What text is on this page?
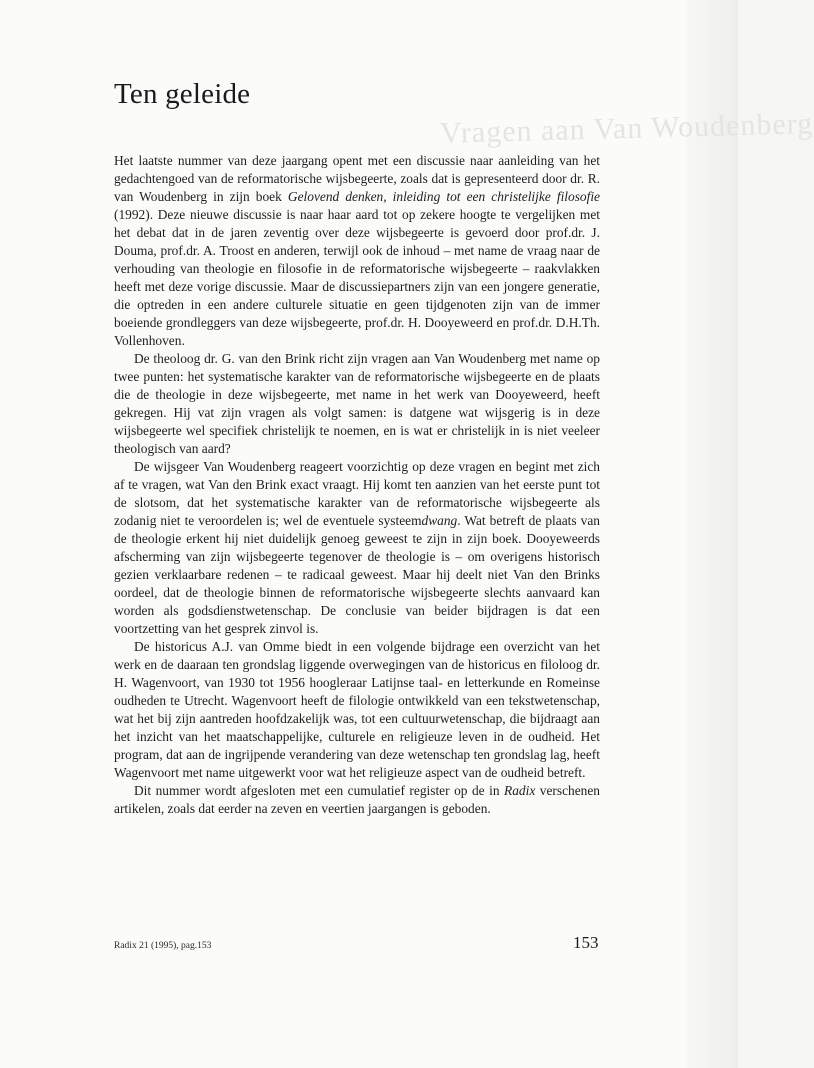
Vragen aan Van Woudenberg
Ten geleide

Het laatste nummer van deze jaargang opent met een discussie naar aanleiding van het gedachtengoed van de reformatorische wijsbegeerte, zoals dat is gepresenteerd door dr. R. van Woudenberg in zijn boek Gelovend denken, inleiding tot een christelijke filosofie (1992). Deze nieuwe discussie is naar haar aard tot op zekere hoogte te vergelijken met het debat dat in de jaren zeventig over deze wijsbegeerte is gevoerd door prof.dr. J. Douma, prof.dr. A. Troost en anderen, terwijl ook de inhoud – met name de vraag naar de verhouding van theologie en filosofie in de reformatorische wijsbegeerte – raakvlakken heeft met deze vorige discussie. Maar de discussiepartners zijn van een jongere generatie, die optreden in een andere culturele situatie en geen tijdgenoten zijn van de immer boeiende grondleggers van deze wijsbegeerte, prof.dr. H. Dooyeweerd en prof.dr. D.H.Th. Vollenhoven.

De theoloog dr. G. van den Brink richt zijn vragen aan Van Woudenberg met name op twee punten: het systematische karakter van de reformatorische wijsbegeerte en de plaats die de theologie in deze wijsbegeerte, met name in het werk van Dooyeweerd, heeft gekregen. Hij vat zijn vragen als volgt samen: is datgene wat wijsgerig is in deze wijsbegeerte wel specifiek christelijk te noemen, en is wat er christelijk in is niet veeleer theologisch van aard?

De wijsgeer Van Woudenberg reageert voorzichtig op deze vragen en begint met zich af te vragen, wat Van den Brink exact vraagt. Hij komt ten aanzien van het eerste punt tot de slotsom, dat het systematische karakter van de reformatorische wijsbegeerte als zodanig niet te veroordelen is; wel de eventuele systeemdwang. Wat betreft de plaats van de theologie erkent hij niet duidelijk genoeg geweest te zijn in zijn boek. Dooyeweerds afscherming van zijn wijsbegeerte tegenover de theologie is – om overigens historisch gezien verklaarbare redenen – te radicaal geweest. Maar hij deelt niet Van den Brinks oordeel, dat de theologie binnen de reformatorische wijsbegeerte slechts aanvaard kan worden als godsdienstwetenschap. De conclusie van beider bijdragen is dat een voortzetting van het gesprek zinvol is.

De historicus A.J. van Omme biedt in een volgende bijdrage een overzicht van het werk en de daaraan ten grondslag liggende overwegingen van de historicus en filoloog dr. H. Wagenvoort, van 1930 tot 1956 hoogleraar Latijnse taal- en letterkunde en Romeinse oudheden te Utrecht. Wagenvoort heeft de filologie ontwikkeld van een tekstwetenschap, wat het bij zijn aantreden hoofdzakelijk was, tot een cultuurwetenschap, die bijdraagt aan het inzicht van het maatschappelijke, culturele en religieuze leven in de oudheid. Het program, dat aan de ingrijpende verandering van deze wetenschap ten grondslag lag, heeft Wagenvoort met name uitgewerkt voor wat het religieuze aspect van de oudheid betreft.

Dit nummer wordt afgesloten met een cumulatief register op de in Radix verschenen artikelen, zoals dat eerder na zeven en veertien jaargangen is geboden.

Radix 21 (1995), pag.153	153
